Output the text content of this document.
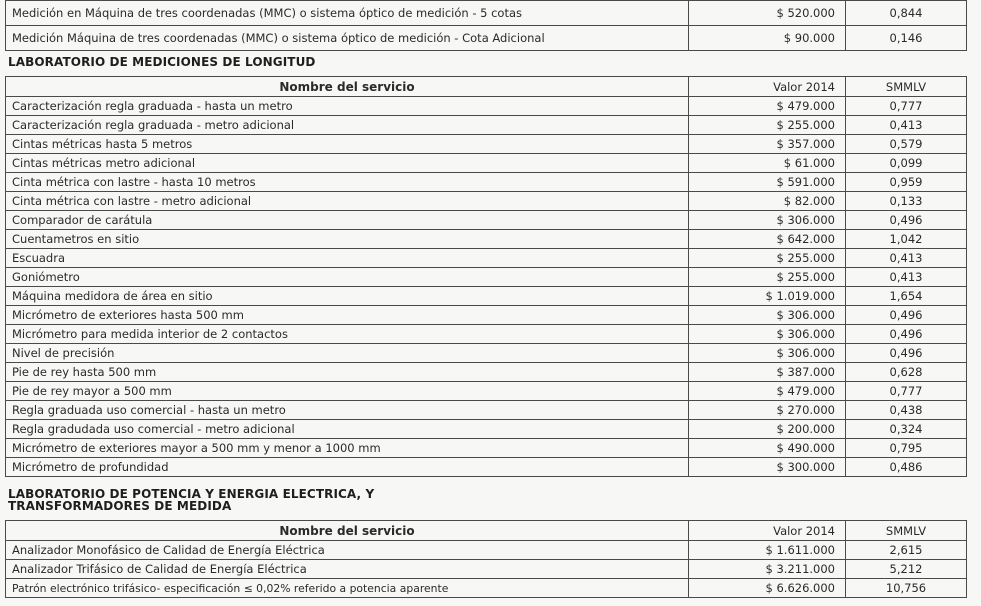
Medición en Máquina de tres coordenadas (MMC) o sistema óptico de medición - 5 cotas	$ 520.000	0,844
Medición Máquina de tres coordenadas (MMC) o sistema óptico de medición - Cota Adicional	$ 90.000	0,146
LABORATORIO DE MEDICIONES DE LONGITUD
Nombre del servicio	Valor 2014	SMMLV
Caracterización regla graduada - hasta un metro	$ 479.000	0,777
Caracterización regla graduada - metro adicional	$ 255.000	0,413
Cintas métricas hasta 5 metros	$ 357.000	0,579
Cintas métricas metro adicional	$ 61.000	0,099
Cinta métrica con lastre - hasta 10 metros	$ 591.000	0,959
Cinta métrica con lastre - metro adicional	$ 82.000	0,133
Comparador de carátula	$ 306.000	0,496
Cuentametros en sitio	$ 642.000	1,042
Escuadra	$ 255.000	0,413
Goniómetro	$ 255.000	0,413
Máquina medidora de área en sitio	$ 1.019.000	1,654
Micrómetro de exteriores hasta 500 mm	$ 306.000	0,496
Micrómetro para medida interior de 2 contactos	$ 306.000	0,496
Nivel de precisión	$ 306.000	0,496
Pie de rey hasta 500 mm	$ 387.000	0,628
Pie de rey mayor a 500 mm	$ 479.000	0,777
Regla graduada uso comercial - hasta un metro	$ 270.000	0,438
Regla gradudada uso comercial - metro adicional	$ 200.000	0,324
Micrómetro de exteriores mayor a 500 mm y menor a 1000 mm	$ 490.000	0,795
Micrómetro de profundidad	$ 300.000	0,486
LABORATORIO DE POTENCIA Y ENERGIA ELECTRICA, Y
TRANSFORMADORES DE MEDIDA
Nombre del servicio	Valor 2014	SMMLV
Analizador Monofásico de Calidad de Energía Eléctrica	$ 1.611.000	2,615
Analizador Trifásico de Calidad de Energía Eléctrica	$ 3.211.000	5,212
Patrón electrónico trifásico- especificación ≤ 0,02% referido a potencia aparente	$ 6.626.000	10,756
